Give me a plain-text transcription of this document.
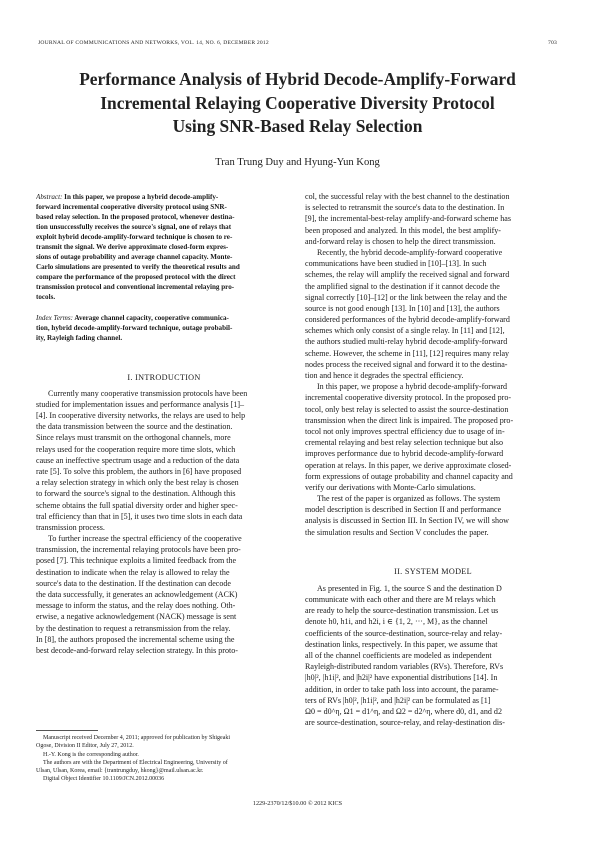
JOURNAL OF COMMUNICATIONS AND NETWORKS, VOL. 14, NO. 6, DECEMBER 2012	703
Performance Analysis of Hybrid Decode-Amplify-Forward
Incremental Relaying Cooperative Diversity Protocol
Using SNR-Based Relay Selection
Tran Trung Duy and Hyung-Yun Kong
Abstract: In this paper, we propose a hybrid decode-amplify-
forward incremental cooperative diversity protocol using SNR-
based relay selection. In the proposed protocol, whenever destina-
tion unsuccessfully receives the source's signal, one of relays that
exploit hybrid decode-amplify-forward technique is chosen to re-
transmit the signal. We derive approximate closed-form expres-
sions of outage probability and average channel capacity. Monte-
Carlo simulations are presented to verify the theoretical results and
compare the performance of the proposed protocol with the direct
transmission protocol and conventional incremental relaying pro-
tocols.
Index Terms: Average channel capacity, cooperative communica-
tion, hybrid decode-amplify-forward technique, outage probabil-
ity, Rayleigh fading channel.
I. INTRODUCTION
Currently many cooperative transmission protocols have been
studied for implementation issues and performance analysis [1]–
[4]. In cooperative diversity networks, the relays are used to help
the data transmission between the source and the destination.
Since relays must transmit on the orthogonal channels, more
relays used for the cooperation require more time slots, which
cause an ineffective spectrum usage and a reduction of the data
rate [5]. To solve this problem, the authors in [6] have proposed
a relay selection strategy in which only the best relay is chosen
to forward the source's signal to the destination. Although this
scheme obtains the full spatial diversity order and higher spec-
tral efficiency than that in [5], it uses two time slots in each data
transmission process.
To further increase the spectral efficiency of the cooperative
transmission, the incremental relaying protocols have been pro-
posed [7]. This technique exploits a limited feedback from the
destination to indicate when the relay is allowed to relay the
source's data to the destination. If the destination can decode
the data successfully, it generates an acknowledgement (ACK)
message to inform the status, and the relay does nothing. Oth-
erwise, a negative acknowledgement (NACK) message is sent
by the destination to request a retransmission from the relay.
In [8], the authors proposed the incremental scheme using the
best decode-and-forward relay selection strategy. In this proto-
Manuscript received December 4, 2011; approved for publication by Shigeaki
Ogose, Division II Editor, July 27, 2012.
H.-Y. Kong is the corresponding author.
The authors are with the Department of Electrical Engineering, University of
Ulsan, Ulsan, Korea, email: {trantrungduy, hkong}@mail.ulsan.ac.kr.
Digital Object Identifier 10.1109/JCN.2012.00036
col, the successful relay with the best channel to the destination
is selected to retransmit the source's data to the destination. In
[9], the incremental-best-relay amplify-and-forward scheme has
been proposed and analyzed. In this model, the best amplify-
and-forward relay is chosen to help the direct transmission.
Recently, the hybrid decode-amplify-forward cooperative
communications have been studied in [10]–[13]. In such
schemes, the relay will amplify the received signal and forward
the amplified signal to the destination if it cannot decode the
signal correctly [10]–[12] or the link between the relay and the
source is not good enough [13]. In [10] and [13], the authors
considered performances of the hybrid decode-amplify-forward
schemes which only consist of a single relay. In [11] and [12],
the authors studied multi-relay hybrid decode-amplify-forward
scheme. However, the scheme in [11], [12] requires many relay
nodes process the received signal and forward it to the destina-
tion and hence it degrades the spectral efficiency.
In this paper, we propose a hybrid decode-amplify-forward
incremental cooperative diversity protocol. In the proposed pro-
tocol, only best relay is selected to assist the source-destination
transmission when the direct link is impaired. The proposed pro-
tocol not only improves spectral efficiency due to usage of in-
cremental relaying and best relay selection technique but also
improves performance due to hybrid decode-amplify-forward
operation at relays. In this paper, we derive approximate closed-
form expressions of outage probability and channel capacity and
verify our derivations with Monte-Carlo simulations.
The rest of the paper is organized as follows. The system
model description is described in Section II and performance
analysis is discussed in Section III. In Section IV, we will show
the simulation results and Section V concludes the paper.
II. SYSTEM MODEL
As presented in Fig. 1, the source S and the destination D
communicate with each other and there are M relays which
are ready to help the source-destination transmission. Let us
denote h0, h1i, and h2i, i ∈ {1, 2, ···, M}, as the channel
coefficients of the source-destination, source-relay and relay-
destination links, respectively. In this paper, we assume that
all of the channel coefficients are modeled as independent
Rayleigh-distributed random variables (RVs). Therefore, RVs
|h0|², |h1i|², and |h2i|² have exponential distributions [14]. In
addition, in order to take path loss into account, the parame-
ters of RVs |h0|², |h1i|², and |h2i|² can be formulated as [1]
Ω0 = d0^η, Ω1 = d1^η, and Ω2 = d2^η, where d0, d1, and d2
are source-destination, source-relay, and relay-destination dis-
1229-2370/12/$10.00 © 2012 KICS
